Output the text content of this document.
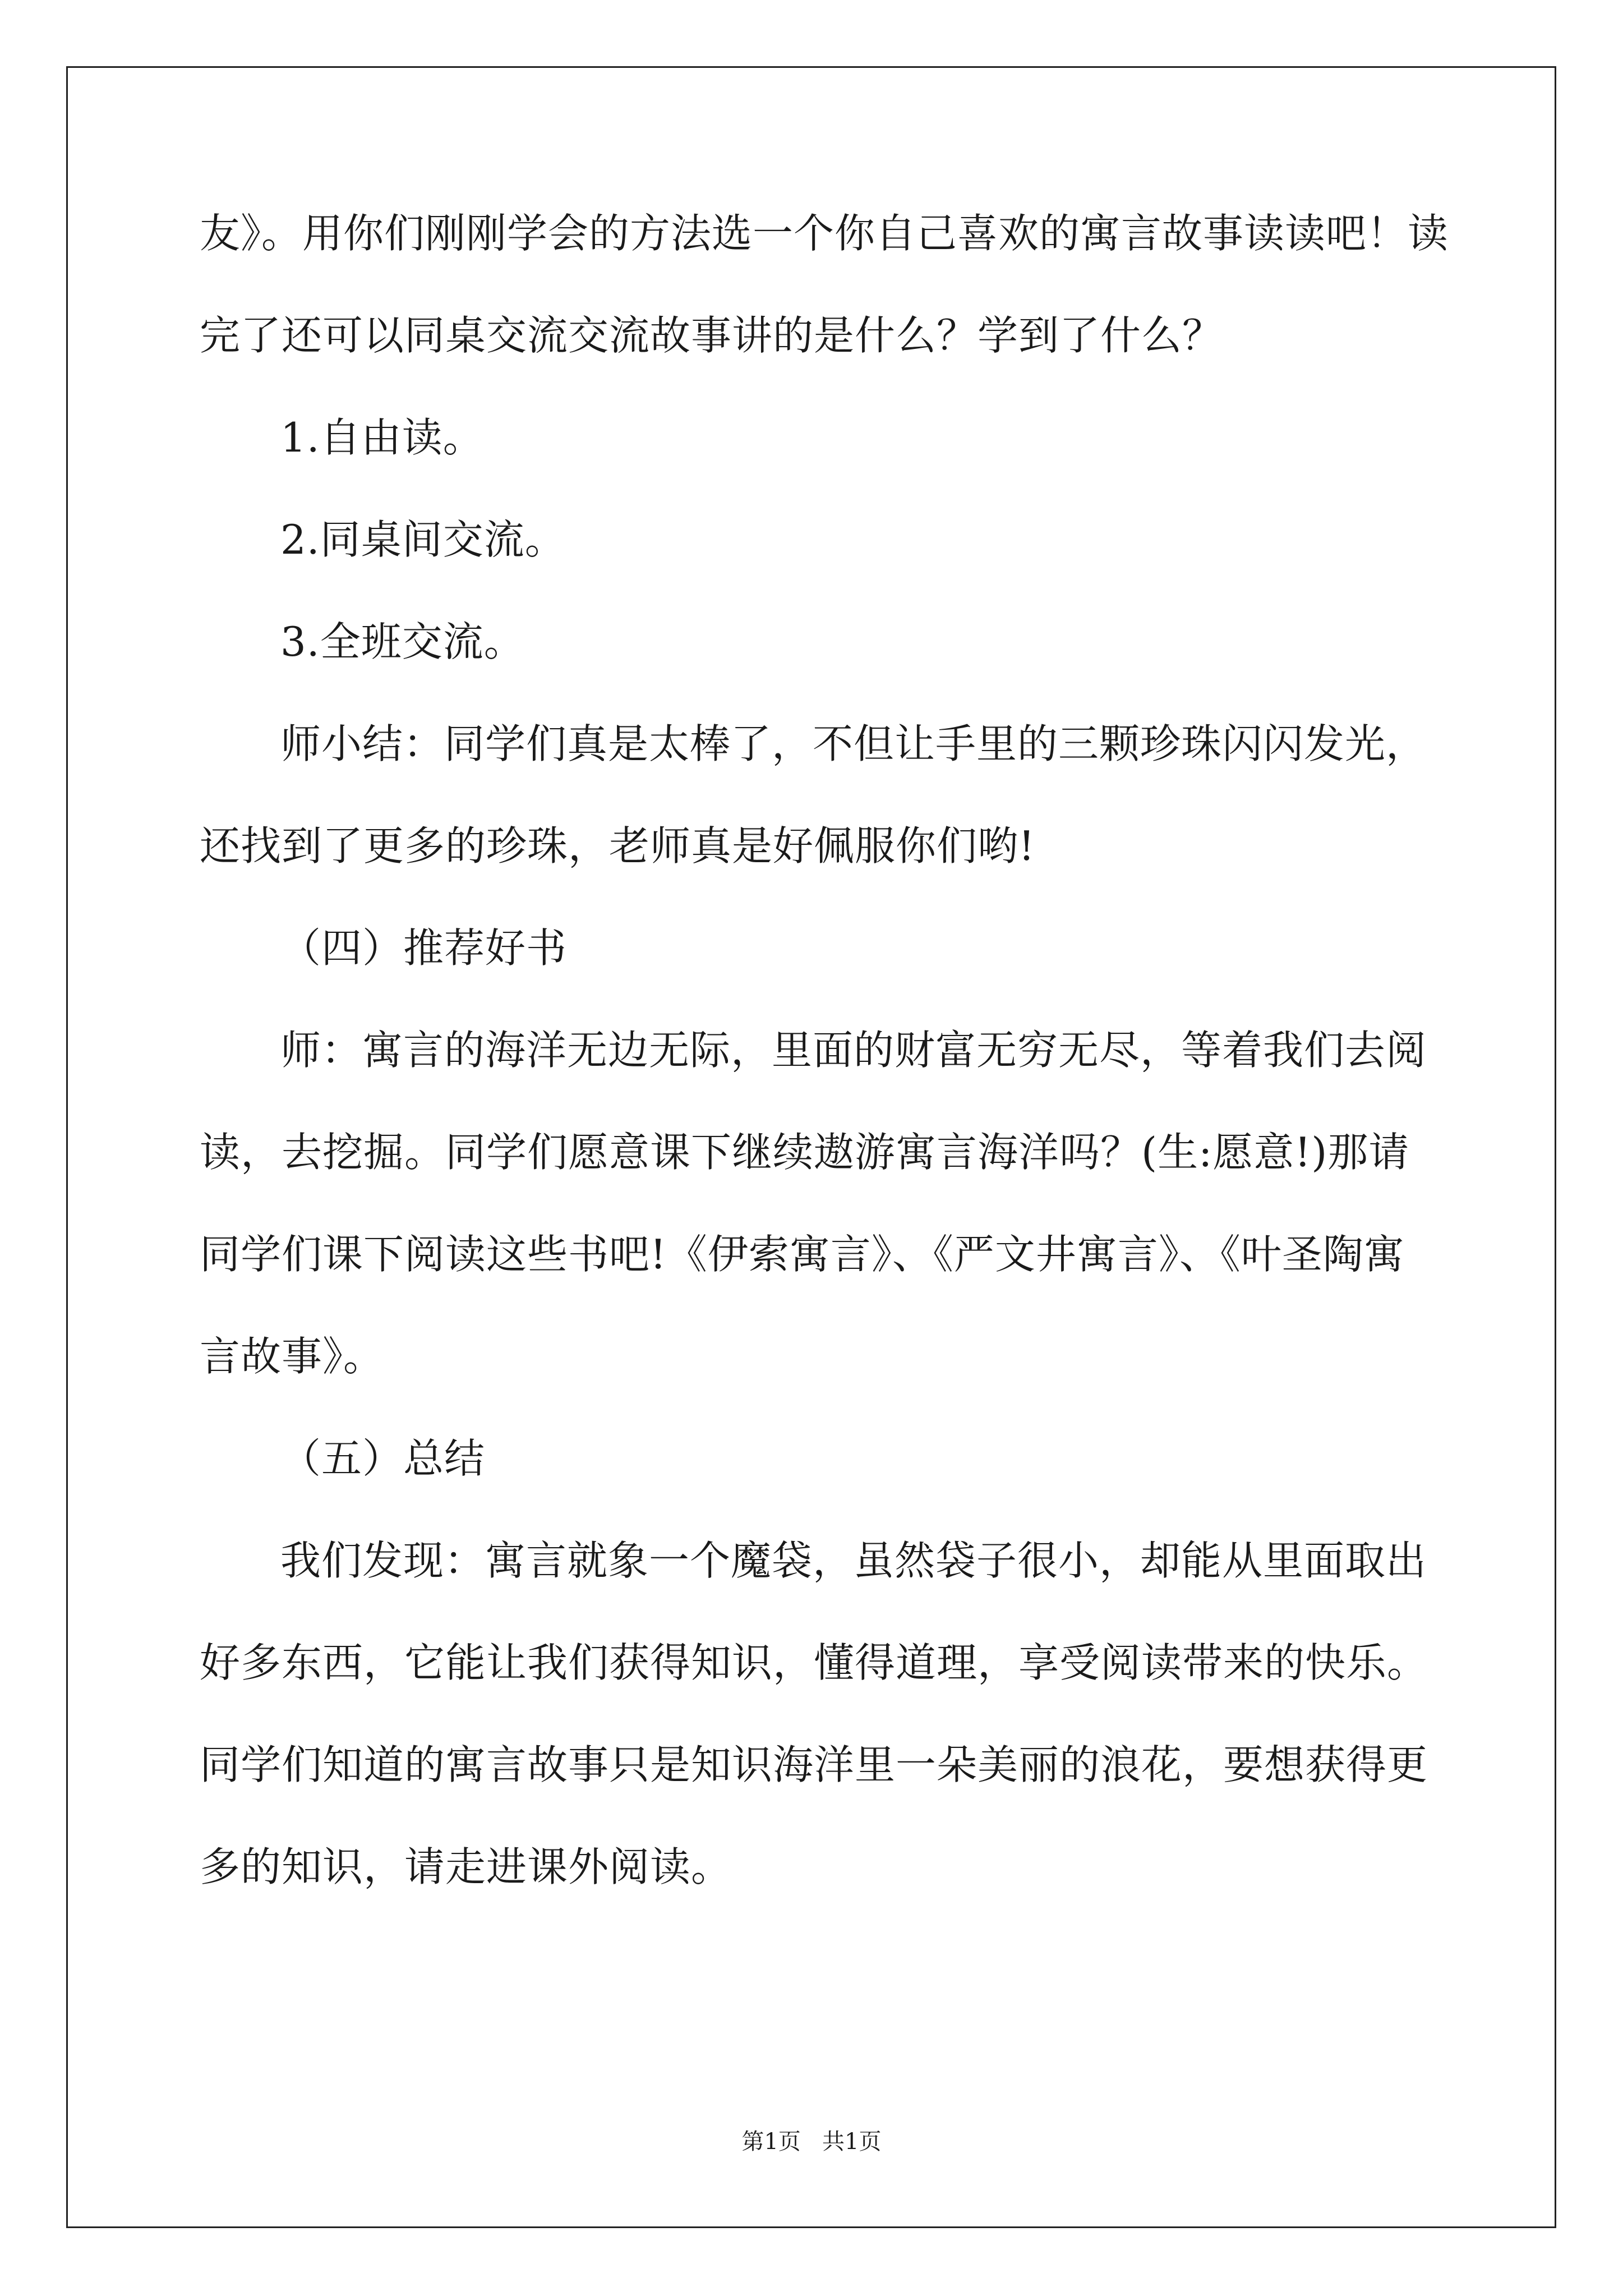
友》。用你们刚刚学会的方法选一个你自己喜欢的寓言故事读读吧！读
完了还可以同桌交流交流故事讲的是什么？学到了什么？
1.自由读。
2.同桌间交流。
3.全班交流。
师小结：同学们真是太棒了，不但让手里的三颗珍珠闪闪发光，
还找到了更多的珍珠，老师真是好佩服你们哟!
（四）推荐好书
师：寓言的海洋无边无际，里面的财富无穷无尽，等着我们去阅
读，去挖掘。同学们愿意课下继续遨游寓言海洋吗？(生:愿意!)那请
同学们课下阅读这些书吧!《伊索寓言》、《严文井寓言》、《叶圣陶寓
言故事》。
（五）总结
我们发现：寓言就象一个魔袋，虽然袋子很小，却能从里面取出
好多东西，它能让我们获得知识，懂得道理，享受阅读带来的快乐。
同学们知道的寓言故事只是知识海洋里一朵美丽的浪花，要想获得更
多的知识，请走进课外阅读。
第1页   共1页
